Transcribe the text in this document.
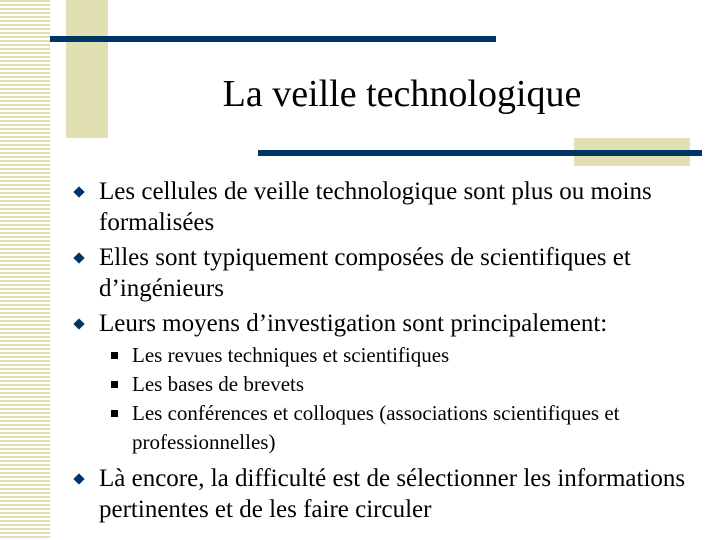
La veille technologique
Les cellules de veille technologique sont plus ou moins formalisées
Elles sont typiquement composées de scientifiques et d’ingénieurs
Leurs moyens d’investigation sont principalement:
Les revues techniques et scientifiques
Les bases de brevets
Les conférences et colloques (associations scientifiques et professionnelles)
Là encore, la difficulté est de sélectionner les informations pertinentes et de les faire circuler
